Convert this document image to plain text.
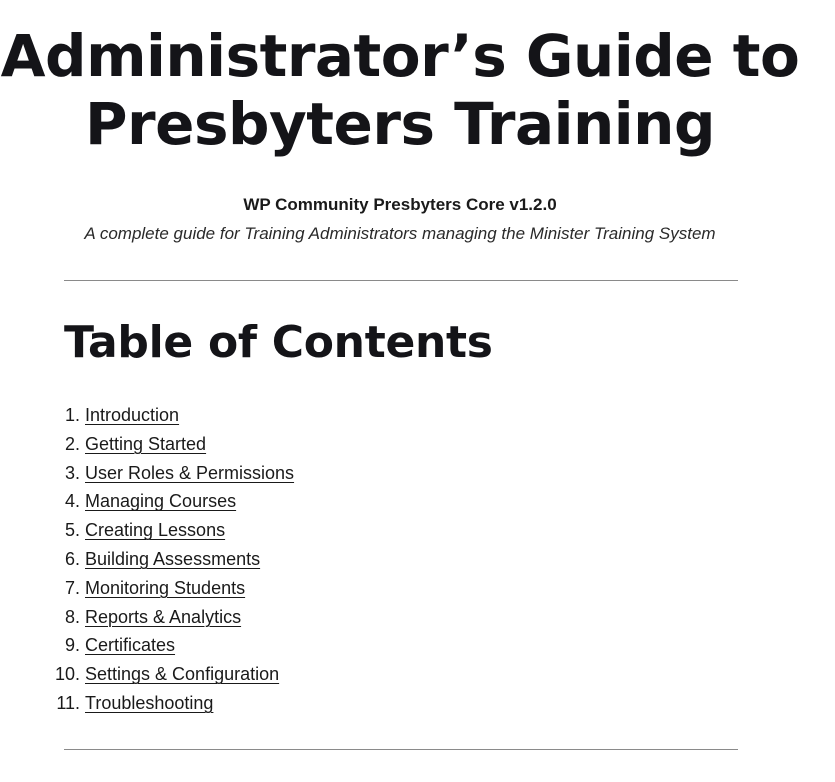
Administrator’s Guide to Presbyters Training
WP Community Presbyters Core v1.2.0
A complete guide for Training Administrators managing the Minister Training System
Table of Contents
1. Introduction
2. Getting Started
3. User Roles & Permissions
4. Managing Courses
5. Creating Lessons
6. Building Assessments
7. Monitoring Students
8. Reports & Analytics
9. Certificates
10. Settings & Configuration
11. Troubleshooting
